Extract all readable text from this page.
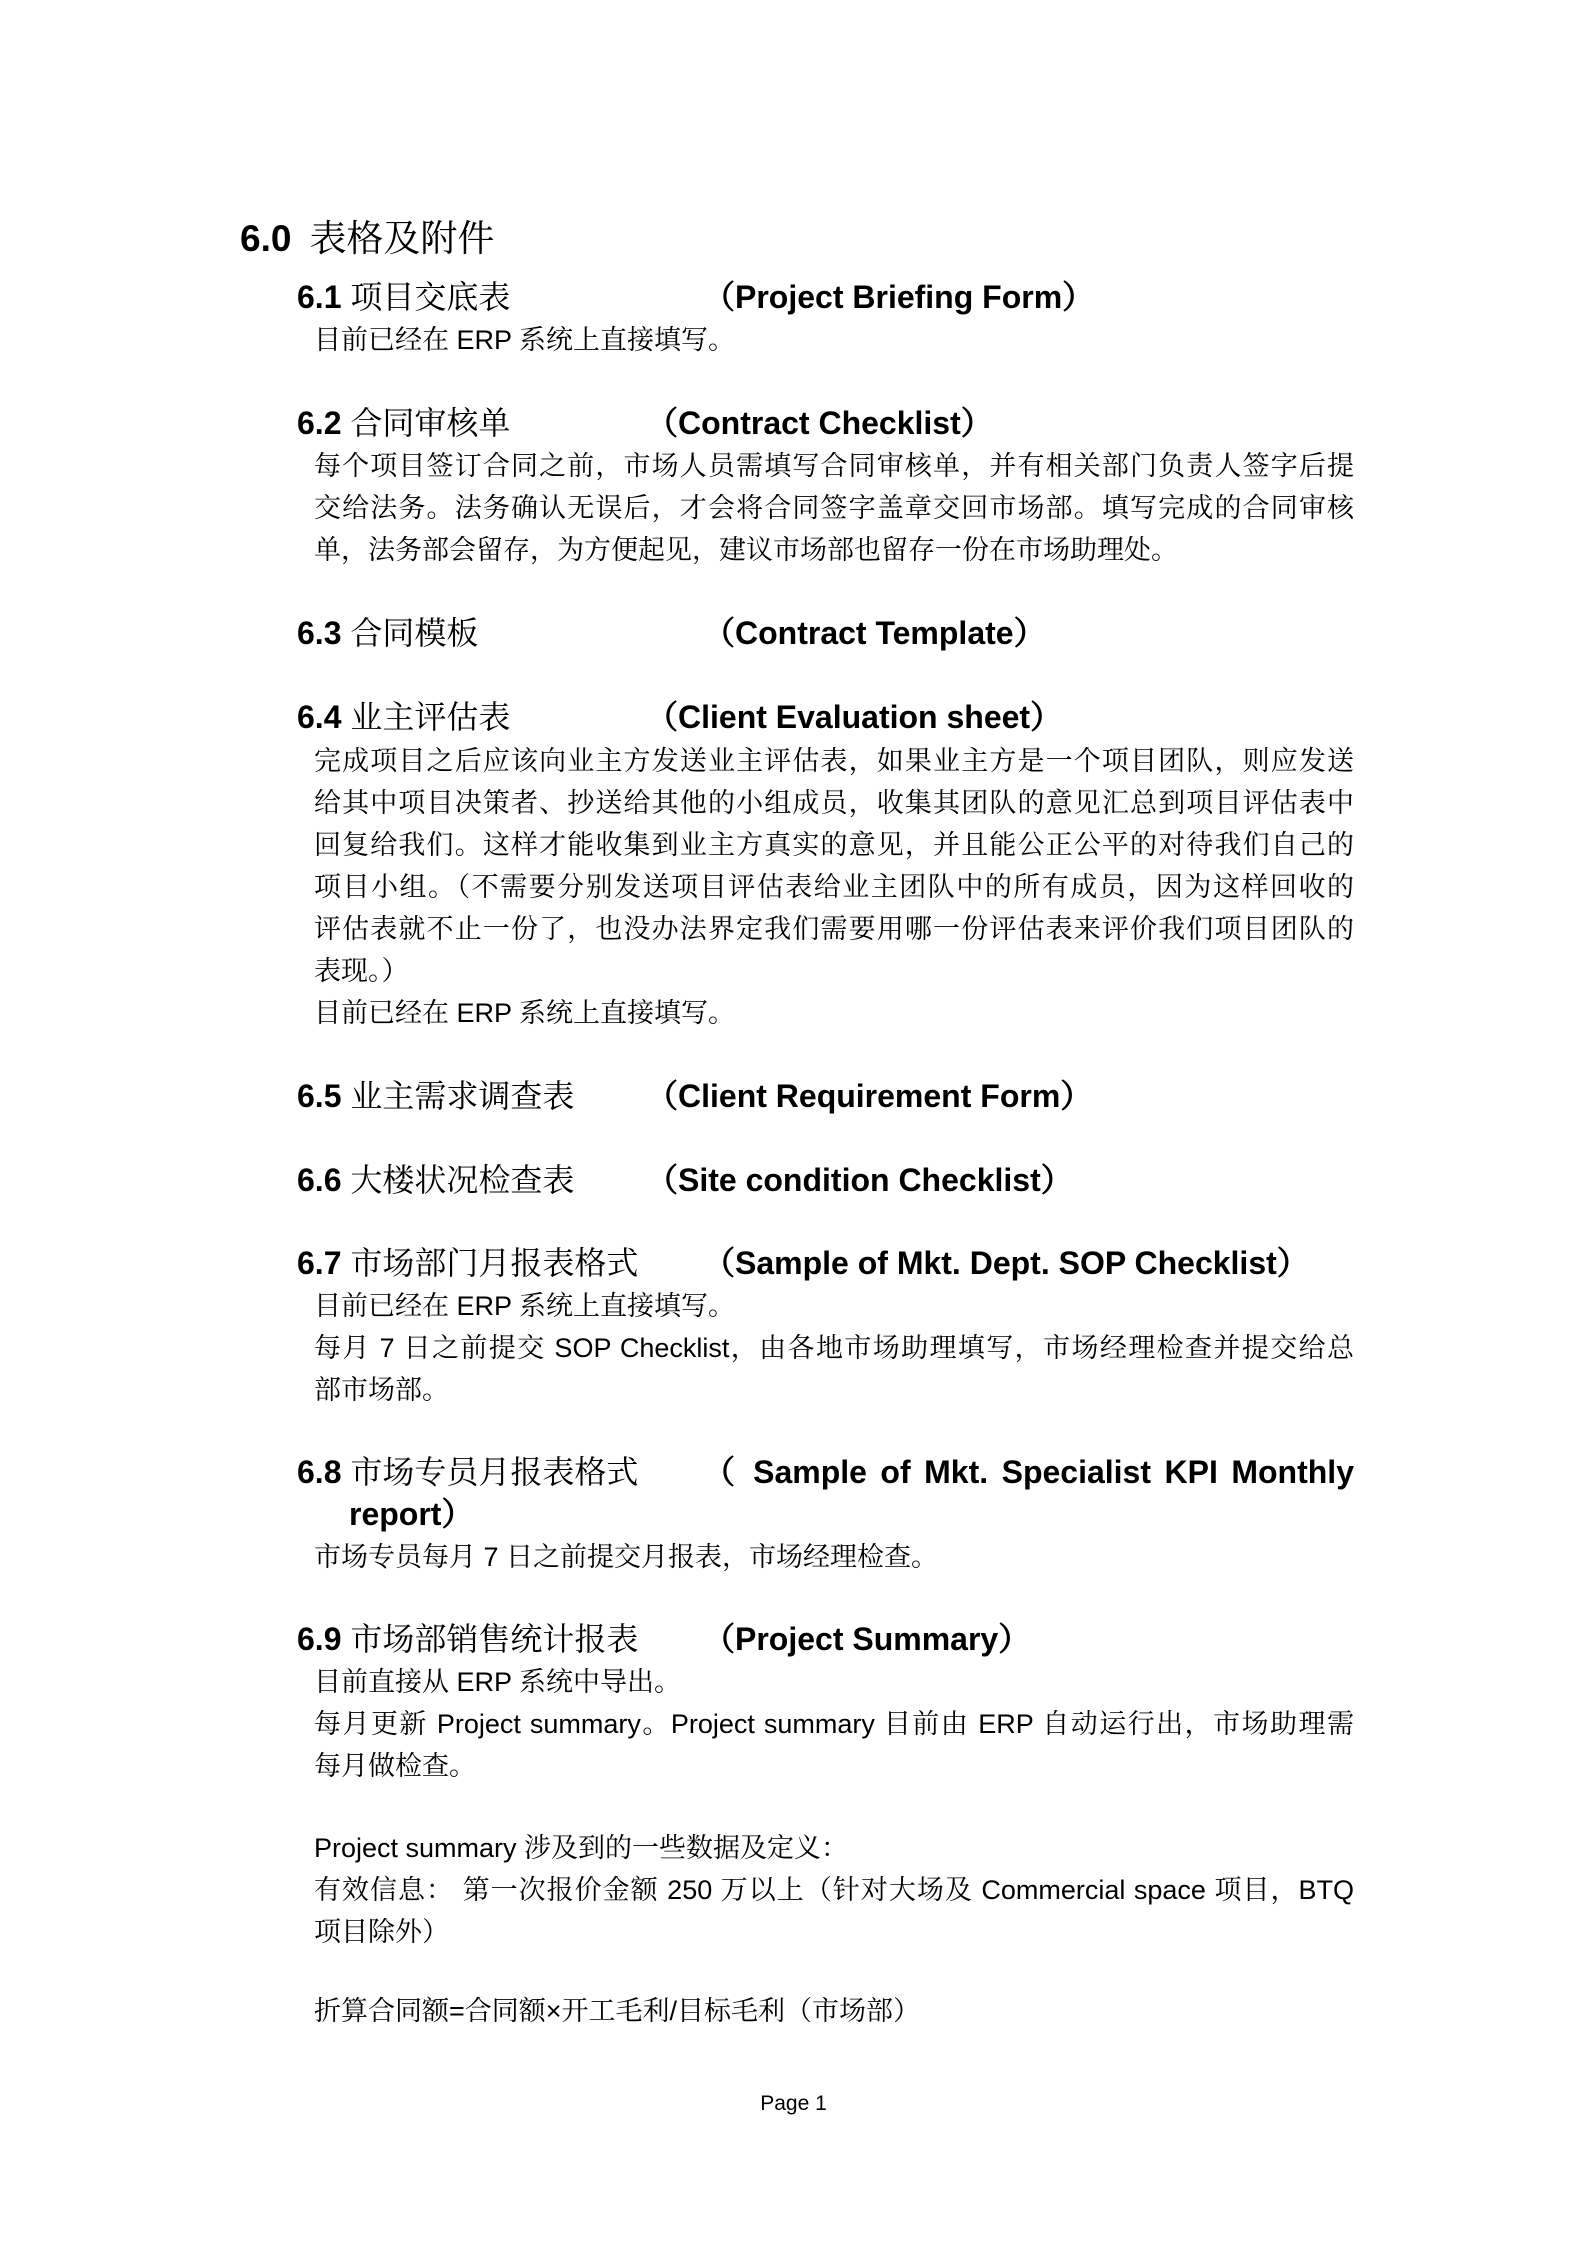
6.0 表格及附件
6.1 项目交底表	（Project Briefing Form）
目前已经在 ERP 系统上直接填写。
6.2 合同审核单	（Contract Checklist）
每个项目签订合同之前，市场人员需填写合同审核单，并有相关部门负责人签字后提
交给法务。法务确认无误后，才会将合同签字盖章交回市场部。填写完成的合同审核
单，法务部会留存，为方便起见，建议市场部也留存一份在市场助理处。
6.3 合同模板	（Contract Template）
6.4 业主评估表	（Client Evaluation sheet）
完成项目之后应该向业主方发送业主评估表，如果业主方是一个项目团队，则应发送
给其中项目决策者、抄送给其他的小组成员，收集其团队的意见汇总到项目评估表中
回复给我们。这样才能收集到业主方真实的意见，并且能公正公平的对待我们自己的
项目小组。（不需要分别发送项目评估表给业主团队中的所有成员，因为这样回收的
评估表就不止一份了，也没办法界定我们需要用哪一份评估表来评价我们项目团队的
表现。）
目前已经在 ERP 系统上直接填写。
6.5 业主需求调查表 （Client Requirement Form）
6.6 大楼状况检查表 （Site condition Checklist）
6.7 市场部门月报表格式 （Sample of Mkt. Dept. SOP Checklist）
目前已经在 ERP 系统上直接填写。
每月 7 日之前提交 SOP Checklist，由各地市场助理填写，市场经理检查并提交给总
部市场部。
6.8 市场专员月报表格式 （ Sample of Mkt. Specialist KPI Monthly
report）
市场专员每月 7 日之前提交月报表，市场经理检查。
6.9 市场部销售统计报表 （Project Summary）
目前直接从 ERP 系统中导出。
每月更新 Project summary。Project summary 目前由 ERP 自动运行出，市场助理需
每月做检查。
Project summary 涉及到的一些数据及定义：
有效信息： 第一次报价金额 250 万以上（针对大场及 Commercial space 项目，BTQ
项目除外）
折算合同额=合同额×开工毛利/目标毛利（市场部）
Page 1
